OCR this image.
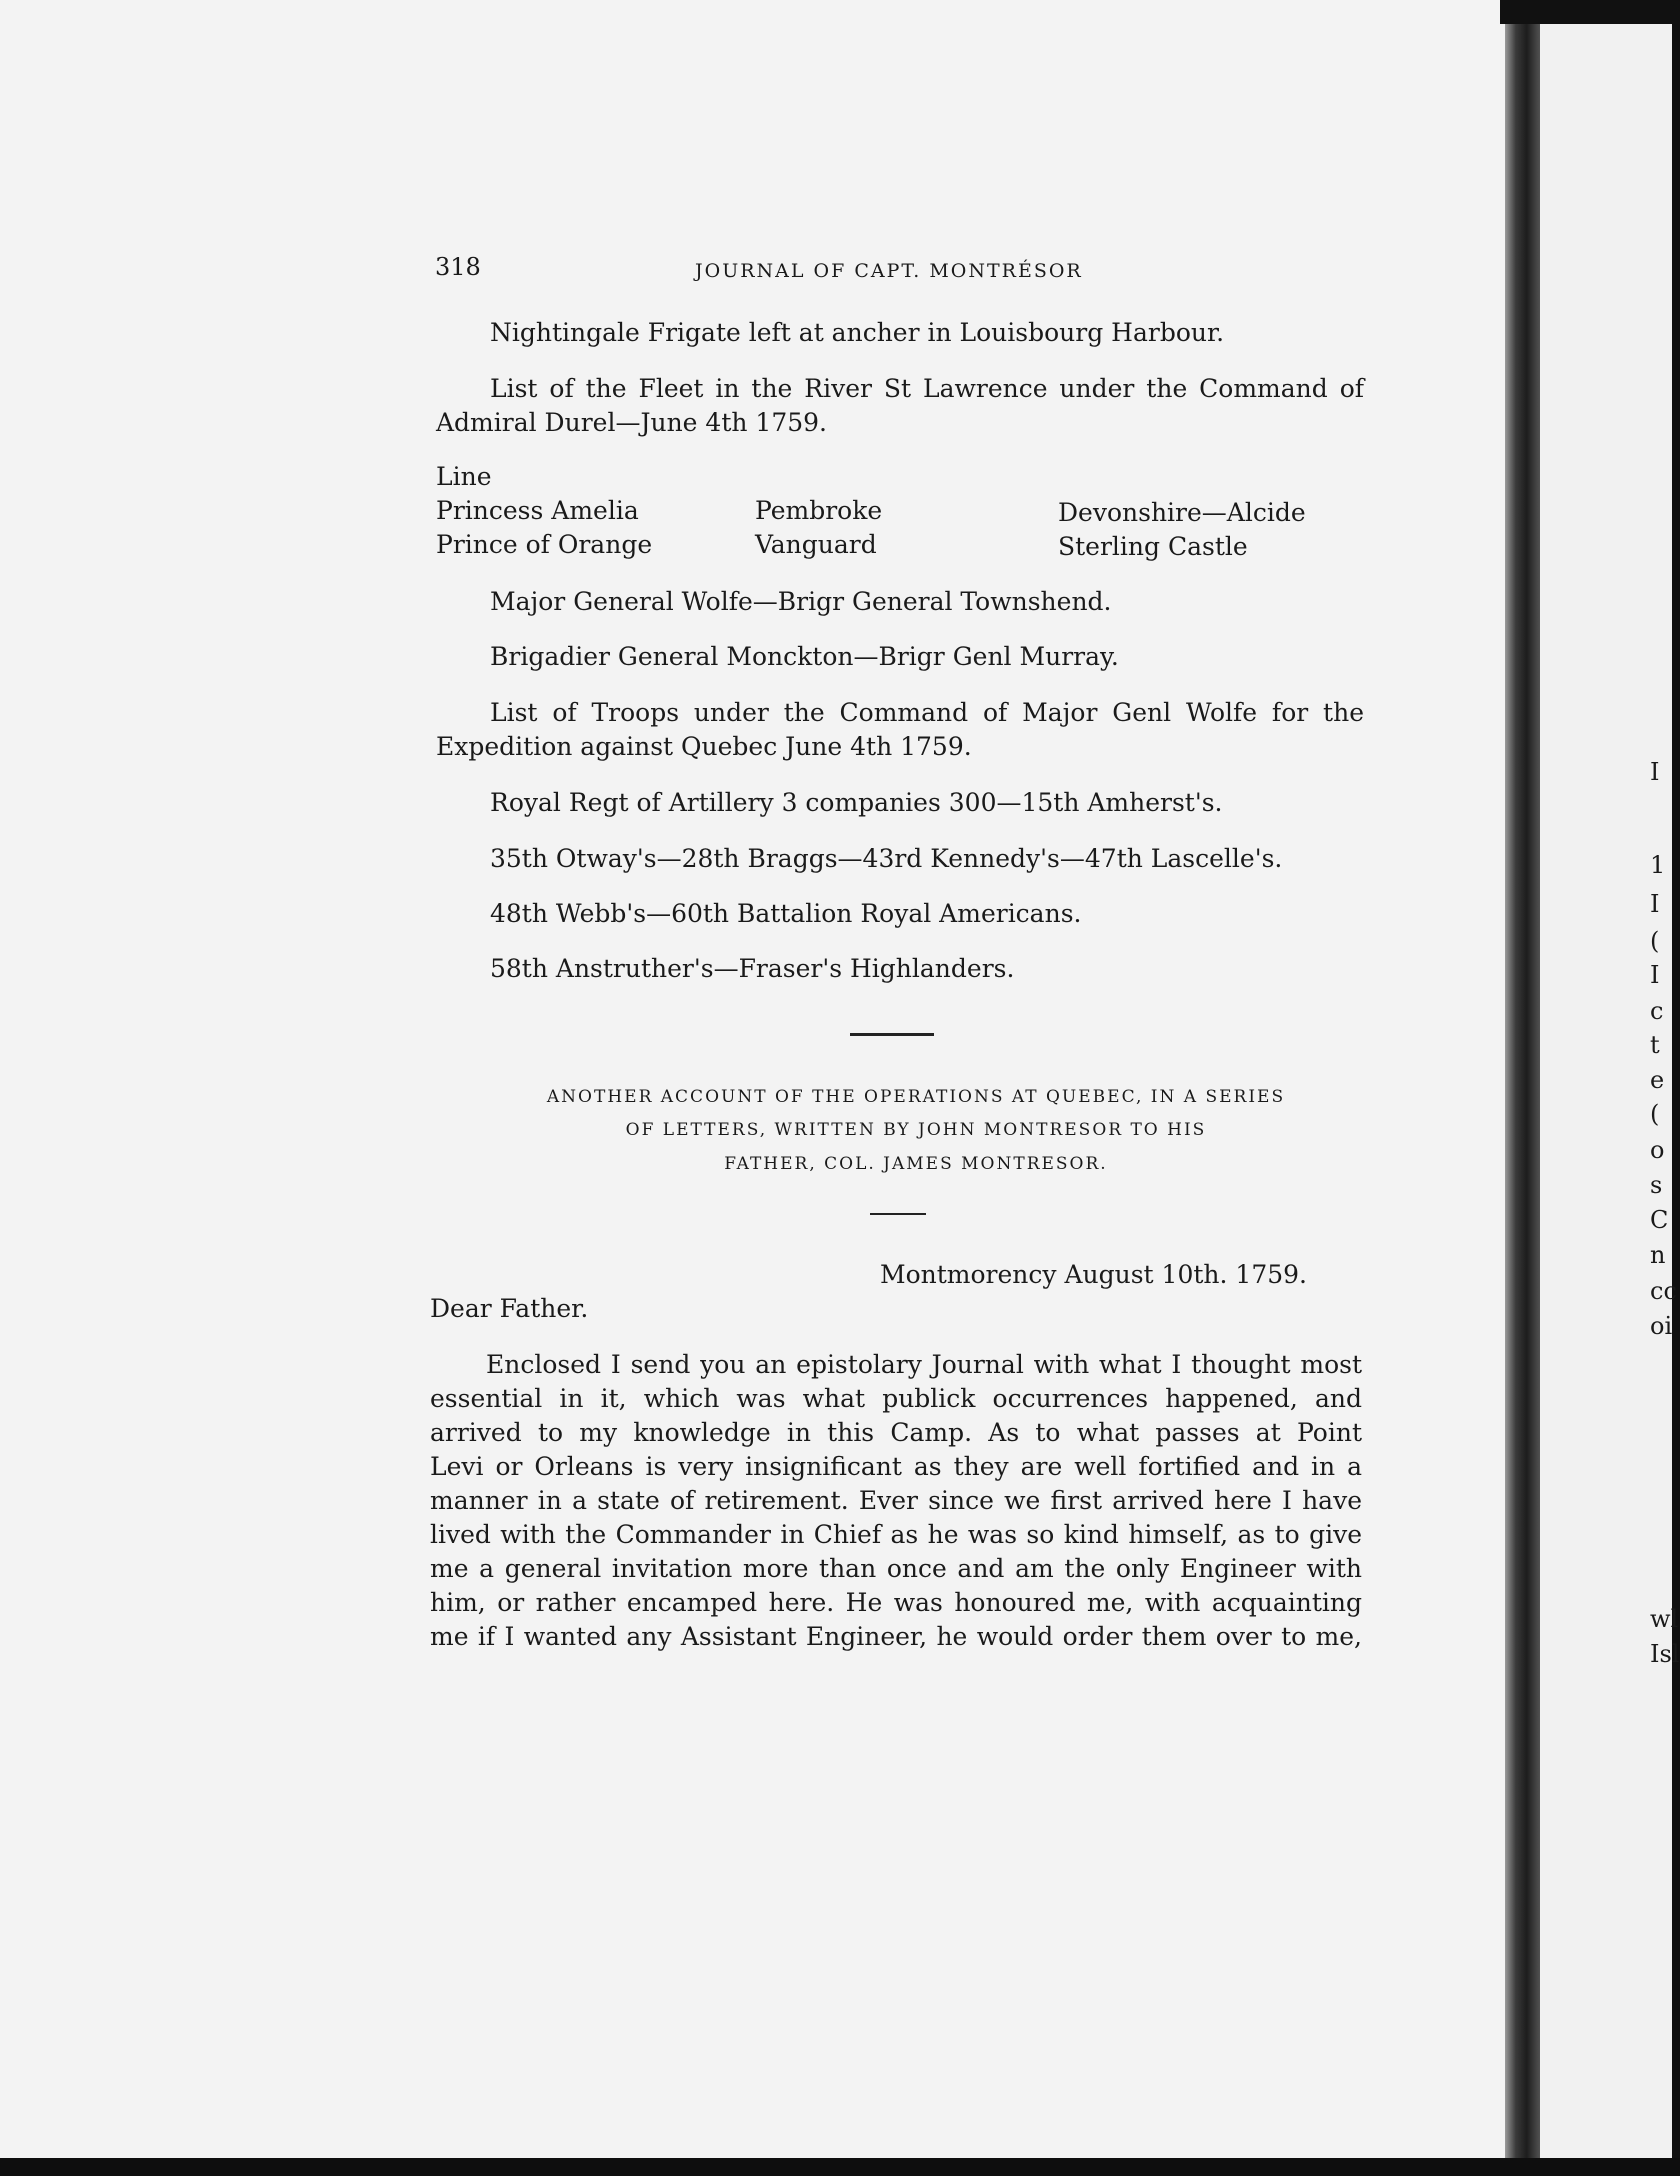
318	JOURNAL OF CAPT. MONTRÉSOR
Nightingale Frigate left at ancher in Louisbourg Harbour.
List of the Fleet in the River St Lawrence under the Command of
Admiral Durel—June 4th 1759.
Line
Princess Amelia	Pembroke	Devonshire—Alcide
Prince of Orange	Vanguard	Sterling Castle
Major General Wolfe—Brigr General Townshend.
Brigadier General Monckton—Brigr Genl Murray.
List of Troops under the Command of Major Genl Wolfe for the
Expedition against Quebec June 4th 1759.
Royal Regt of Artillery 3 companies 300—15th Amherst's.
35th Otway's—28th Braggs—43rd Kennedy's—47th Lascelle's.
48th Webb's—60th Battalion Royal Americans.
58th Anstruther's—Fraser's Highlanders.
ANOTHER ACCOUNT OF THE OPERATIONS AT QUEBEC, IN A SERIES
OF LETTERS, WRITTEN BY JOHN MONTRESOR TO HIS
FATHER, COL. JAMES MONTRESOR.
Montmorency August 10th. 1759.
Dear Father.
Enclosed I send you an epistolary Journal with what I thought most
essential in it, which was what publick occurrences happened, and
arrived to my knowledge in this Camp. As to what passes at Point
Levi or Orleans is very insignificant as they are well fortified and in a
manner in a state of retirement. Ever since we first arrived here I have
lived with the Commander in Chief as he was so kind himself, as to give
me a general invitation more than once and am the only Engineer with
him, or rather encamped here. He was honoured me, with acquainting
me if I wanted any Assistant Engineer, he would order them over to me,
I
1
I
(
I
c
t
e
(
o
s
C
n
cc
oi
wl
Isl
